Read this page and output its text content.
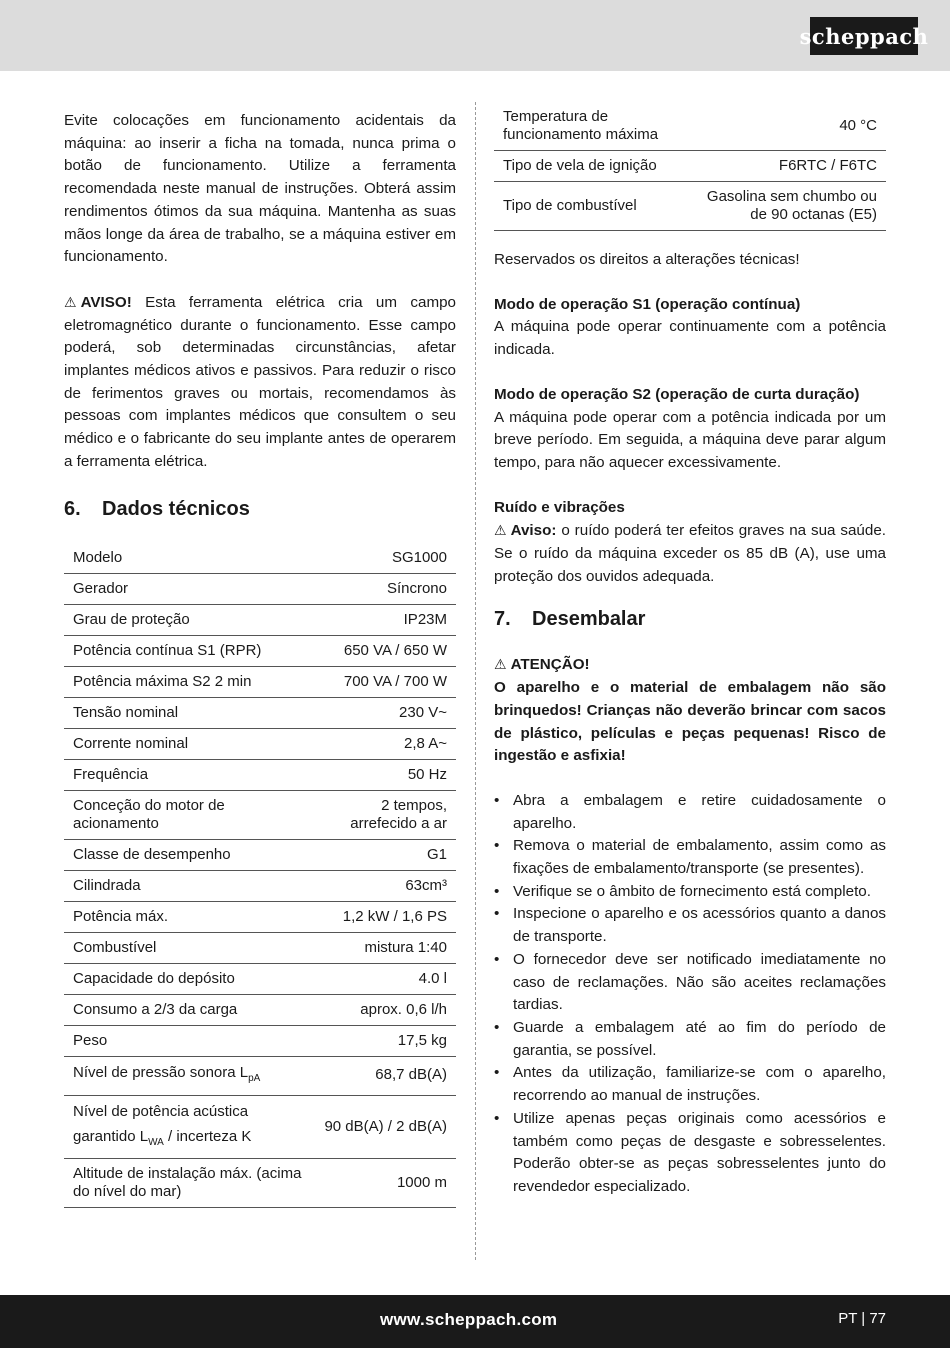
scheppach

Evite colocações em funcionamento acidentais da máquina: ao inserir a ficha na tomada, nunca prima o botão de funcionamento. Utilize a ferramenta recomendada neste manual de instruções. Obterá assim rendimentos ótimos da sua máquina. Mantenha as suas mãos longe da área de trabalho, se a máquina estiver em funcionamento.

⚠ AVISO! Esta ferramenta elétrica cria um campo eletromagnético durante o funcionamento. Esse campo poderá, sob determinadas circunstâncias, afetar implantes médicos ativos e passivos. Para reduzir o risco de ferimentos graves ou mortais, recomendamos às pessoas com implantes médicos que consultem o seu médico e o fabricante do seu implante antes de operarem a ferramenta elétrica.

6.	Dados técnicos
Modelo	SG1000
Gerador	Síncrono
Grau de proteção	IP23M
Potência contínua S1 (RPR)	650 VA / 650 W
Potência máxima S2 2 min	700 VA / 700 W
Tensão nominal	230 V~
Corrente nominal	2,8 A~
Frequência	50 Hz
Conceção do motor de acionamento	2 tempos, arrefecido a ar
Classe de desempenho	G1
Cilindrada	63cm³
Potência máx.	1,2 kW / 1,6 PS
Combustível	mistura 1:40
Capacidade do depósito	4.0 l
Consumo a 2/3 da carga	aprox. 0,6 l/h
Peso	17,5 kg
Nível de pressão sonora $L_{pA}$	68,7 dB(A)
Nível de potência acústica
garantido $L_{WA}$ / incerteza K	90 dB(A) / 2 dB(A)
Altitude de instalação máx. (acima do nível do mar)	1000 m
Temperatura de funcionamento máxima	40 °C
Tipo de vela de ignição	F6RTC / F6TC
Tipo de combustível	Gasolina sem chumbo ou de 90 octanas (E5)

Reservados os direitos a alterações técnicas!

Modo de operação S1 (operação contínua)

A máquina pode operar continuamente com a potência indicada.

Modo de operação S2 (operação de curta duração)

A máquina pode operar com a potência indicada por um breve período. Em seguida, a máquina deve parar algum tempo, para não aquecer excessivamente.

Ruído e vibrações

⚠ Aviso: o ruído poderá ter efeitos graves na sua saúde. Se o ruído da máquina exceder os 85 dB (A), use uma proteção dos ouvidos adequada.

7.	Desembalar

⚠ ATENÇÃO!

O aparelho e o material de embalagem não são brinquedos! Crianças não deverão brincar com sacos de plástico, películas e peças pequenas! Risco de ingestão e asfixia!

• Abra a embalagem e retire cuidadosamente o aparelho.
• Remova o material de embalamento, assim como as fixações de embalamento/transporte (se presentes).
• Verifique se o âmbito de fornecimento está completo.
• Inspecione o aparelho e os acessórios quanto a danos de transporte.
• O fornecedor deve ser notificado imediatamente no caso de reclamações. Não são aceites reclamações tardias.
• Guarde a embalagem até ao fim do período de garantia, se possível.
• Antes da utilização, familiarize-se com o aparelho, recorrendo ao manual de instruções.
• Utilize apenas peças originais como acessórios e também como peças de desgaste e sobresselentes. Poderão obter-se as peças sobresselentes junto do revendedor especializado.
www.scheppach.com	PT | 77
